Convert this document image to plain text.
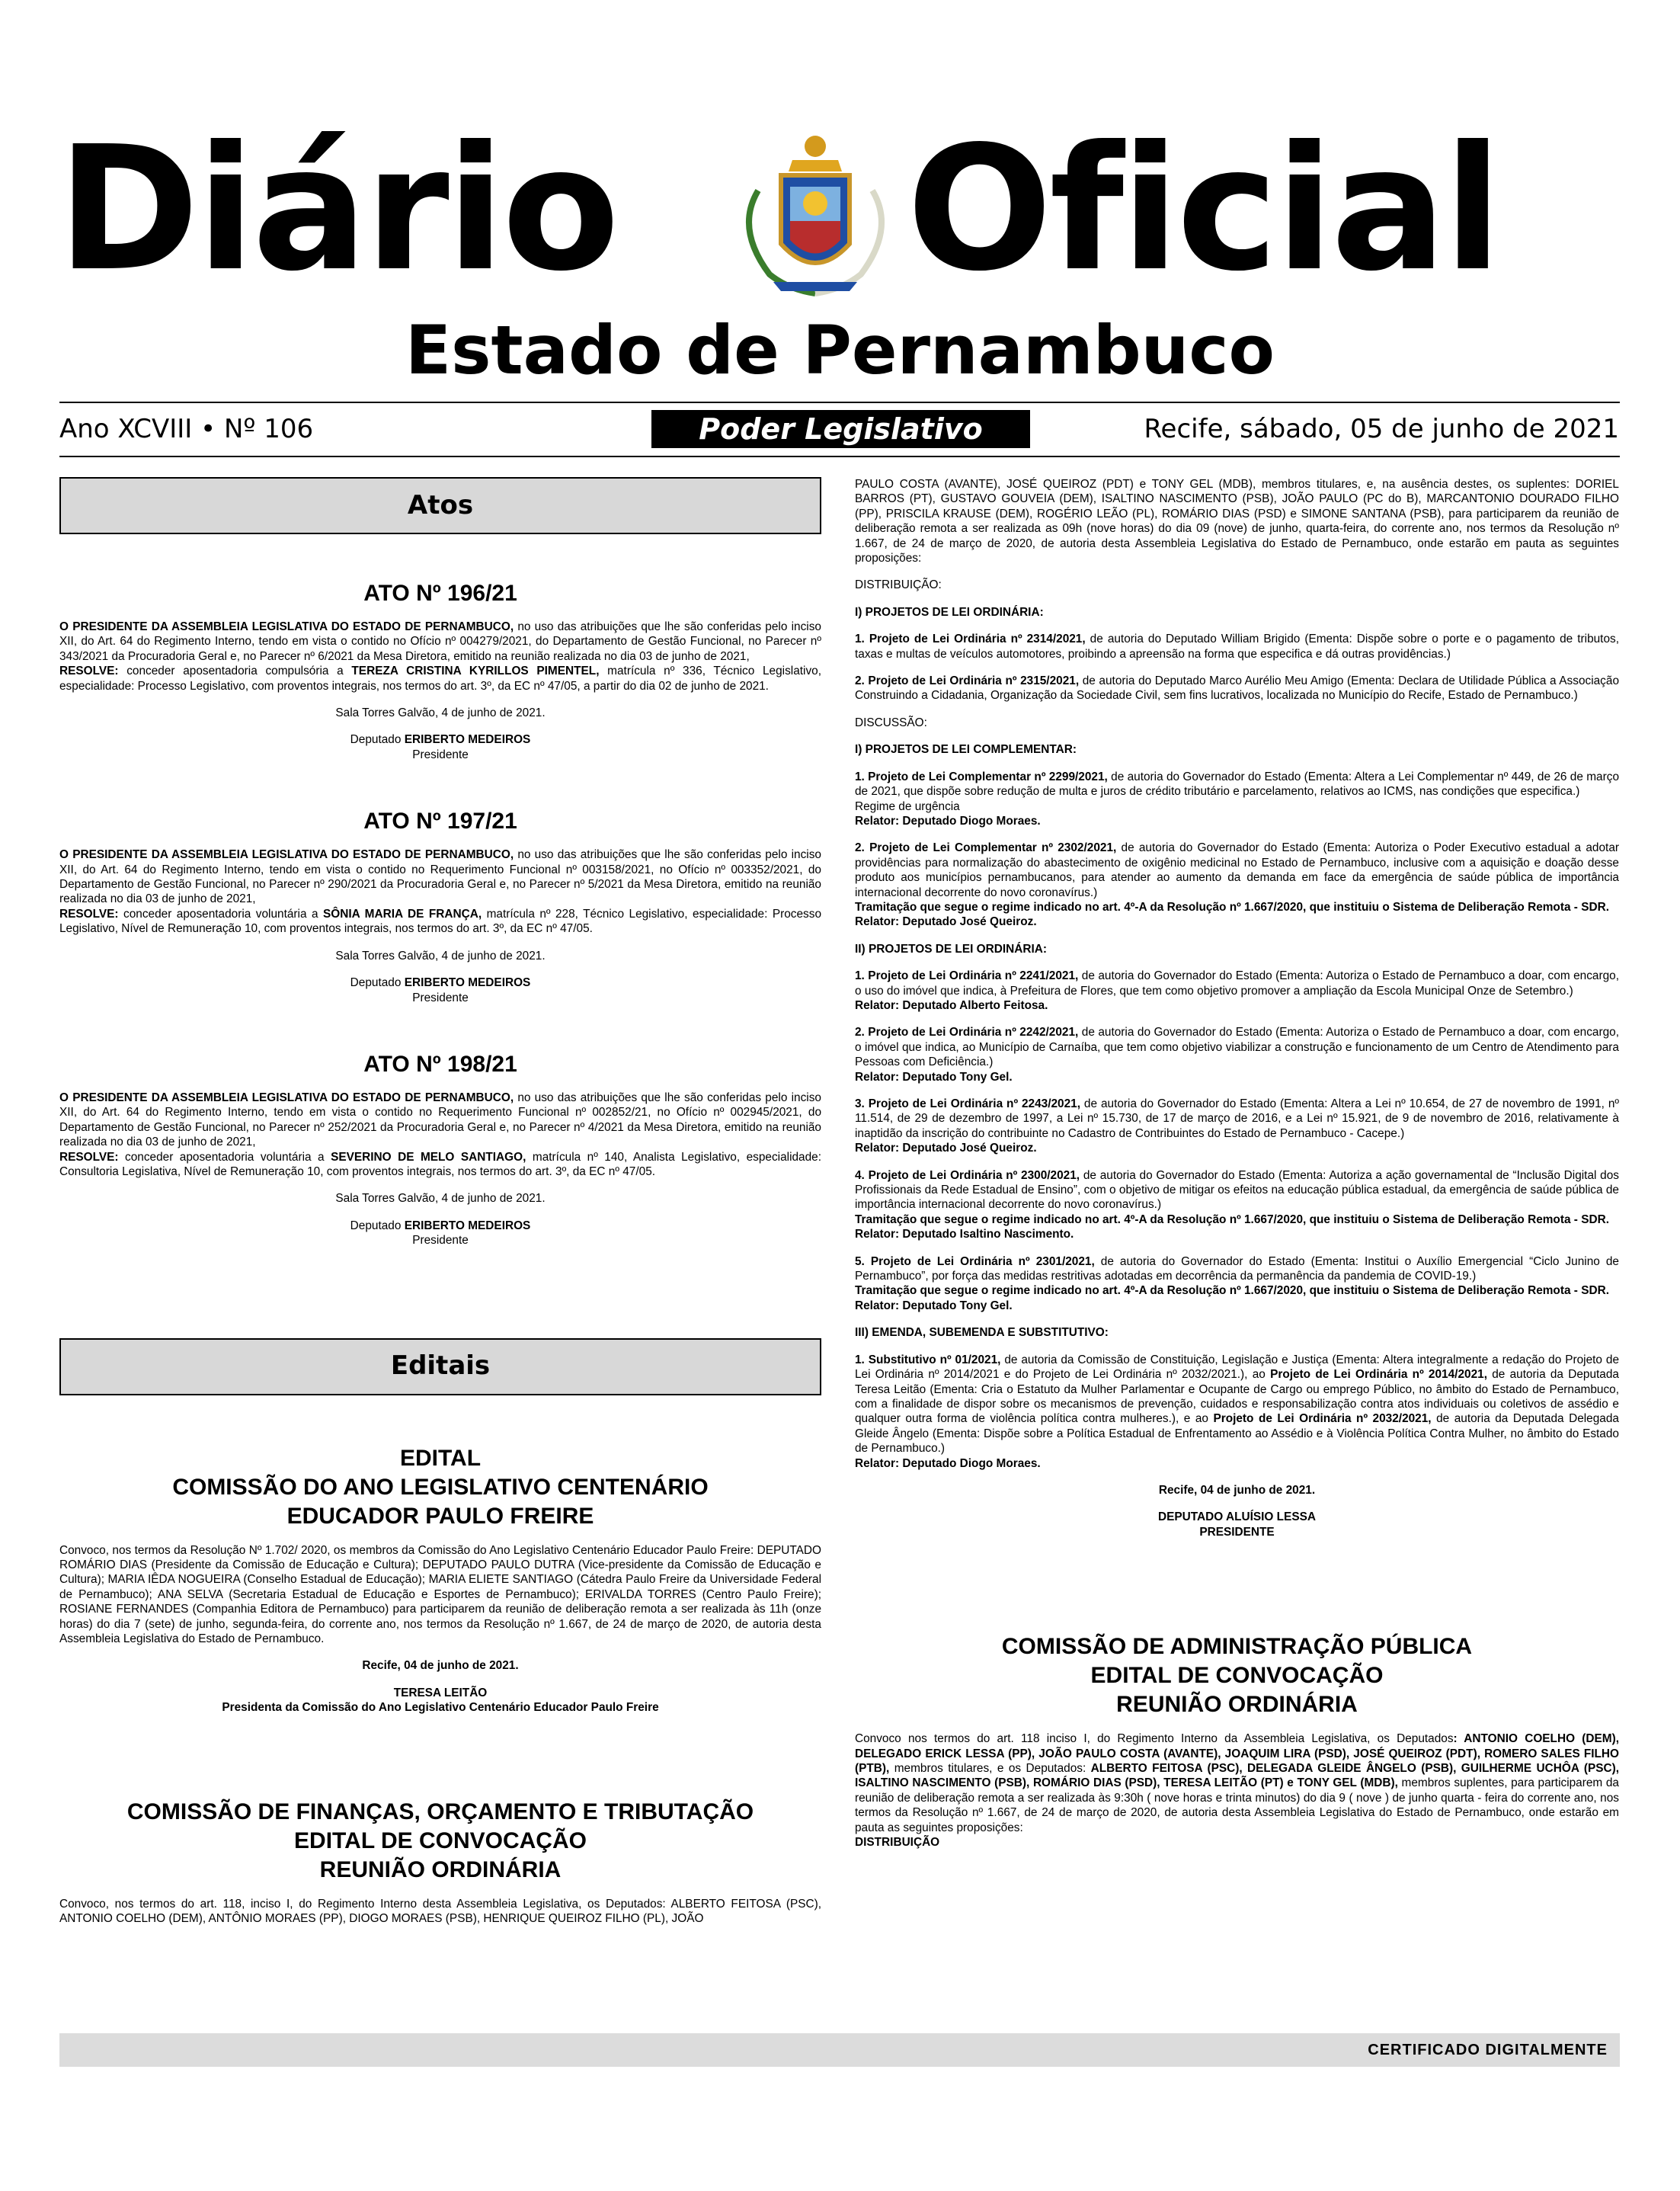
Diário Oficial
Estado de Pernambuco
Ano XCVIII • Nº 106	Poder Legislativo	Recife, sábado, 05 de junho de 2021
Atos
ATO Nº 196/21

O PRESIDENTE DA ASSEMBLEIA LEGISLATIVA DO ESTADO DE PERNAMBUCO, no uso das atribuições que lhe são conferidas pelo inciso XII, do Art. 64 do Regimento Interno, tendo em vista o contido no Ofício nº 004279/2021, do Departamento de Gestão Funcional, no Parecer nº 343/2021 da Procuradoria Geral e, no Parecer nº 6/2021 da Mesa Diretora, emitido na reunião realizada no dia 03 de junho de 2021,
RESOLVE: conceder aposentadoria compulsória a TEREZA CRISTINA KYRILLOS PIMENTEL, matrícula nº 336, Técnico Legislativo, especialidade: Processo Legislativo, com proventos integrais, nos termos do art. 3º, da EC nº 47/05, a partir do dia 02 de junho de 2021.

Sala Torres Galvão, 4 de junho de 2021.

Deputado ERIBERTO MEDEIROS

Presidente

ATO Nº 197/21

O PRESIDENTE DA ASSEMBLEIA LEGISLATIVA DO ESTADO DE PERNAMBUCO, no uso das atribuições que lhe são conferidas pelo inciso XII, do Art. 64 do Regimento Interno, tendo em vista o contido no Requerimento Funcional nº 003158/2021, no Ofício nº 003352/2021, do Departamento de Gestão Funcional, no Parecer nº 290/2021 da Procuradoria Geral e, no Parecer nº 5/2021 da Mesa Diretora, emitido na reunião realizada no dia 03 de junho de 2021,
RESOLVE: conceder aposentadoria voluntária a SÔNIA MARIA DE FRANÇA, matrícula nº 228, Técnico Legislativo, especialidade: Processo Legislativo, Nível de Remuneração 10, com proventos integrais, nos termos do art. 3º, da EC nº 47/05.

Sala Torres Galvão, 4 de junho de 2021.

Deputado ERIBERTO MEDEIROS

Presidente

ATO Nº 198/21

O PRESIDENTE DA ASSEMBLEIA LEGISLATIVA DO ESTADO DE PERNAMBUCO, no uso das atribuições que lhe são conferidas pelo inciso XII, do Art. 64 do Regimento Interno, tendo em vista o contido no Requerimento Funcional nº 002852/21, no Ofício nº 002945/2021, do Departamento de Gestão Funcional, no Parecer nº 252/2021 da Procuradoria Geral e, no Parecer nº 4/2021 da Mesa Diretora, emitido na reunião realizada no dia 03 de junho de 2021,
RESOLVE: conceder aposentadoria voluntária a SEVERINO DE MELO SANTIAGO, matrícula nº 140, Analista Legislativo, especialidade: Consultoria Legislativa, Nível de Remuneração 10, com proventos integrais, nos termos do art. 3º, da EC nº 47/05.

Sala Torres Galvão, 4 de junho de 2021.

Deputado ERIBERTO MEDEIROS

Presidente

Editais
EDITAL
COMISSÃO DO ANO LEGISLATIVO CENTENÁRIO
EDUCADOR PAULO FREIRE

Convoco, nos termos da Resolução Nº 1.702/ 2020, os membros da Comissão do Ano Legislativo Centenário Educador Paulo Freire: DEPUTADO ROMÁRIO DIAS (Presidente da Comissão de Educação e Cultura); DEPUTADO PAULO DUTRA (Vice-presidente da Comissão de Educação e Cultura); MARIA IÊDA NOGUEIRA (Conselho Estadual de Educação); MARIA ELIETE SANTIAGO (Cátedra Paulo Freire da Universidade Federal de Pernambuco); ANA SELVA (Secretaria Estadual de Educação e Esportes de Pernambuco); ERIVALDA TORRES (Centro Paulo Freire); ROSIANE FERNANDES (Companhia Editora de Pernambuco) para participarem da reunião de deliberação remota a ser realizada às 11h (onze horas) do dia 7 (sete) de junho, segunda-feira, do corrente ano, nos termos da Resolução nº 1.667, de 24 de março de 2020, de autoria desta Assembleia Legislativa do Estado de Pernambuco.

Recife, 04 de junho de 2021.

TERESA LEITÃO

Presidenta da Comissão do Ano Legislativo Centenário Educador Paulo Freire

COMISSÃO DE FINANÇAS, ORÇAMENTO E TRIBUTAÇÃO
EDITAL DE CONVOCAÇÃO
REUNIÃO ORDINÁRIA

Convoco, nos termos do art. 118, inciso I, do Regimento Interno desta Assembleia Legislativa, os Deputados: ALBERTO FEITOSA (PSC), ANTONIO COELHO (DEM), ANTÔNIO MORAES (PP), DIOGO MORAES (PSB), HENRIQUE QUEIROZ FILHO (PL), JOÃO

PAULO COSTA (AVANTE), JOSÉ QUEIROZ (PDT) e TONY GEL (MDB), membros titulares, e, na ausência destes, os suplentes: DORIEL BARROS (PT), GUSTAVO GOUVEIA (DEM), ISALTINO NASCIMENTO (PSB), JOÃO PAULO (PC do B), MARCANTONIO DOURADO FILHO (PP), PRISCILA KRAUSE (DEM), ROGÉRIO LEÃO (PL), ROMÁRIO DIAS (PSD) e SIMONE SANTANA (PSB), para participarem da reunião de deliberação remota a ser realizada as 09h (nove horas) do dia 09 (nove) de junho, quarta-feira, do corrente ano, nos termos da Resolução nº 1.667, de 24 de março de 2020, de autoria desta Assembleia Legislativa do Estado de Pernambuco, onde estarão em pauta as seguintes proposições:

DISTRIBUIÇÃO:

I) PROJETOS DE LEI ORDINÁRIA:

1. Projeto de Lei Ordinária nº 2314/2021, de autoria do Deputado William Brigido (Ementa: Dispõe sobre o porte e o pagamento de tributos, taxas e multas de veículos automotores, proibindo a apreensão na forma que especifica e dá outras providências.)

2. Projeto de Lei Ordinária nº 2315/2021, de autoria do Deputado Marco Aurélio Meu Amigo (Ementa: Declara de Utilidade Pública a Associação Construindo a Cidadania, Organização da Sociedade Civil, sem fins lucrativos, localizada no Município do Recife, Estado de Pernambuco.)

DISCUSSÃO:

I) PROJETOS DE LEI COMPLEMENTAR:

1. Projeto de Lei Complementar nº 2299/2021, de autoria do Governador do Estado (Ementa: Altera a Lei Complementar nº 449, de 26 de março de 2021, que dispõe sobre redução de multa e juros de crédito tributário e parcelamento, relativos ao ICMS, nas condições que especifica.)
Regime de urgência
Relator: Deputado Diogo Moraes.

2. Projeto de Lei Complementar nº 2302/2021, de autoria do Governador do Estado (Ementa: Autoriza o Poder Executivo estadual a adotar providências para normalização do abastecimento de oxigênio medicinal no Estado de Pernambuco, inclusive com a aquisição e doação desse produto aos municípios pernambucanos, para atender ao aumento da demanda em face da emergência de saúde pública de importância internacional decorrente do novo coronavírus.)
Tramitação que segue o regime indicado no art. 4º-A da Resolução nº 1.667/2020, que instituiu o Sistema de Deliberação Remota - SDR.
Relator: Deputado José Queiroz.

II) PROJETOS DE LEI ORDINÁRIA:

1. Projeto de Lei Ordinária nº 2241/2021, de autoria do Governador do Estado (Ementa: Autoriza o Estado de Pernambuco a doar, com encargo, o uso do imóvel que indica, à Prefeitura de Flores, que tem como objetivo promover a ampliação da Escola Municipal Onze de Setembro.)
Relator: Deputado Alberto Feitosa.

2. Projeto de Lei Ordinária nº 2242/2021, de autoria do Governador do Estado (Ementa: Autoriza o Estado de Pernambuco a doar, com encargo, o imóvel que indica, ao Município de Carnaíba, que tem como objetivo viabilizar a construção e funcionamento de um Centro de Atendimento para Pessoas com Deficiência.)
Relator: Deputado Tony Gel.

3. Projeto de Lei Ordinária nº 2243/2021, de autoria do Governador do Estado (Ementa: Altera a Lei nº 10.654, de 27 de novembro de 1991, nº 11.514, de 29 de dezembro de 1997, a Lei nº 15.730, de 17 de março de 2016, e a Lei nº 15.921, de 9 de novembro de 2016, relativamente à inaptidão da inscrição do contribuinte no Cadastro de Contribuintes do Estado de Pernambuco - Cacepe.)
Relator: Deputado José Queiroz.

4. Projeto de Lei Ordinária nº 2300/2021, de autoria do Governador do Estado (Ementa: Autoriza a ação governamental de “Inclusão Digital dos Profissionais da Rede Estadual de Ensino”, com o objetivo de mitigar os efeitos na educação pública estadual, da emergência de saúde pública de importância internacional decorrente do novo coronavírus.)
Tramitação que segue o regime indicado no art. 4º-A da Resolução nº 1.667/2020, que instituiu o Sistema de Deliberação Remota - SDR.
Relator: Deputado Isaltino Nascimento.

5. Projeto de Lei Ordinária nº 2301/2021, de autoria do Governador do Estado (Ementa: Institui o Auxílio Emergencial “Ciclo Junino de Pernambuco”, por força das medidas restritivas adotadas em decorrência da permanência da pandemia de COVID-19.)
Tramitação que segue o regime indicado no art. 4º-A da Resolução nº 1.667/2020, que instituiu o Sistema de Deliberação Remota - SDR.
Relator: Deputado Tony Gel.

III) EMENDA, SUBEMENDA E SUBSTITUTIVO:

1. Substitutivo nº 01/2021, de autoria da Comissão de Constituição, Legislação e Justiça (Ementa: Altera integralmente a redação do Projeto de Lei Ordinária nº 2014/2021 e do Projeto de Lei Ordinária nº 2032/2021.), ao Projeto de Lei Ordinária nº 2014/2021, de autoria da Deputada Teresa Leitão (Ementa: Cria o Estatuto da Mulher Parlamentar e Ocupante de Cargo ou emprego Público, no âmbito do Estado de Pernambuco, com a finalidade de dispor sobre os mecanismos de prevenção, cuidados e responsabilização contra atos individuais ou coletivos de assédio e qualquer outra forma de violência política contra mulheres.), e ao Projeto de Lei Ordinária nº 2032/2021, de autoria da Deputada Delegada Gleide Ângelo (Ementa: Dispõe sobre a Política Estadual de Enfrentamento ao Assédio e à Violência Política Contra Mulher, no âmbito do Estado de Pernambuco.)
Relator: Deputado Diogo Moraes.

Recife, 04 de junho de 2021.

DEPUTADO ALUÍSIO LESSA

PRESIDENTE

COMISSÃO DE ADMINISTRAÇÃO PÚBLICA
EDITAL DE CONVOCAÇÃO
REUNIÃO ORDINÁRIA

Convoco nos termos do art. 118 inciso I, do Regimento Interno da Assembleia Legislativa, os Deputados: ANTONIO COELHO (DEM), DELEGADO ERICK LESSA (PP), JOÃO PAULO COSTA (AVANTE), JOAQUIM LIRA (PSD), JOSÉ QUEIROZ (PDT), ROMERO SALES FILHO (PTB), membros titulares, e os Deputados: ALBERTO FEITOSA (PSC), DELEGADA GLEIDE ÂNGELO (PSB), GUILHERME UCHÔA (PSC), ISALTINO NASCIMENTO (PSB), ROMÁRIO DIAS (PSD), TERESA LEITÃO (PT) e TONY GEL (MDB), membros suplentes, para participarem da reunião de deliberação remota a ser realizada às 9:30h ( nove horas e trinta minutos) do dia 9 ( nove ) de junho quarta - feira do corrente ano, nos termos da Resolução nº 1.667, de 24 de março de 2020, de autoria desta Assembleia Legislativa do Estado de Pernambuco, onde estarão em pauta as seguintes proposições:
DISTRIBUIÇÃO

CERTIFICADO DIGITALMENTE
